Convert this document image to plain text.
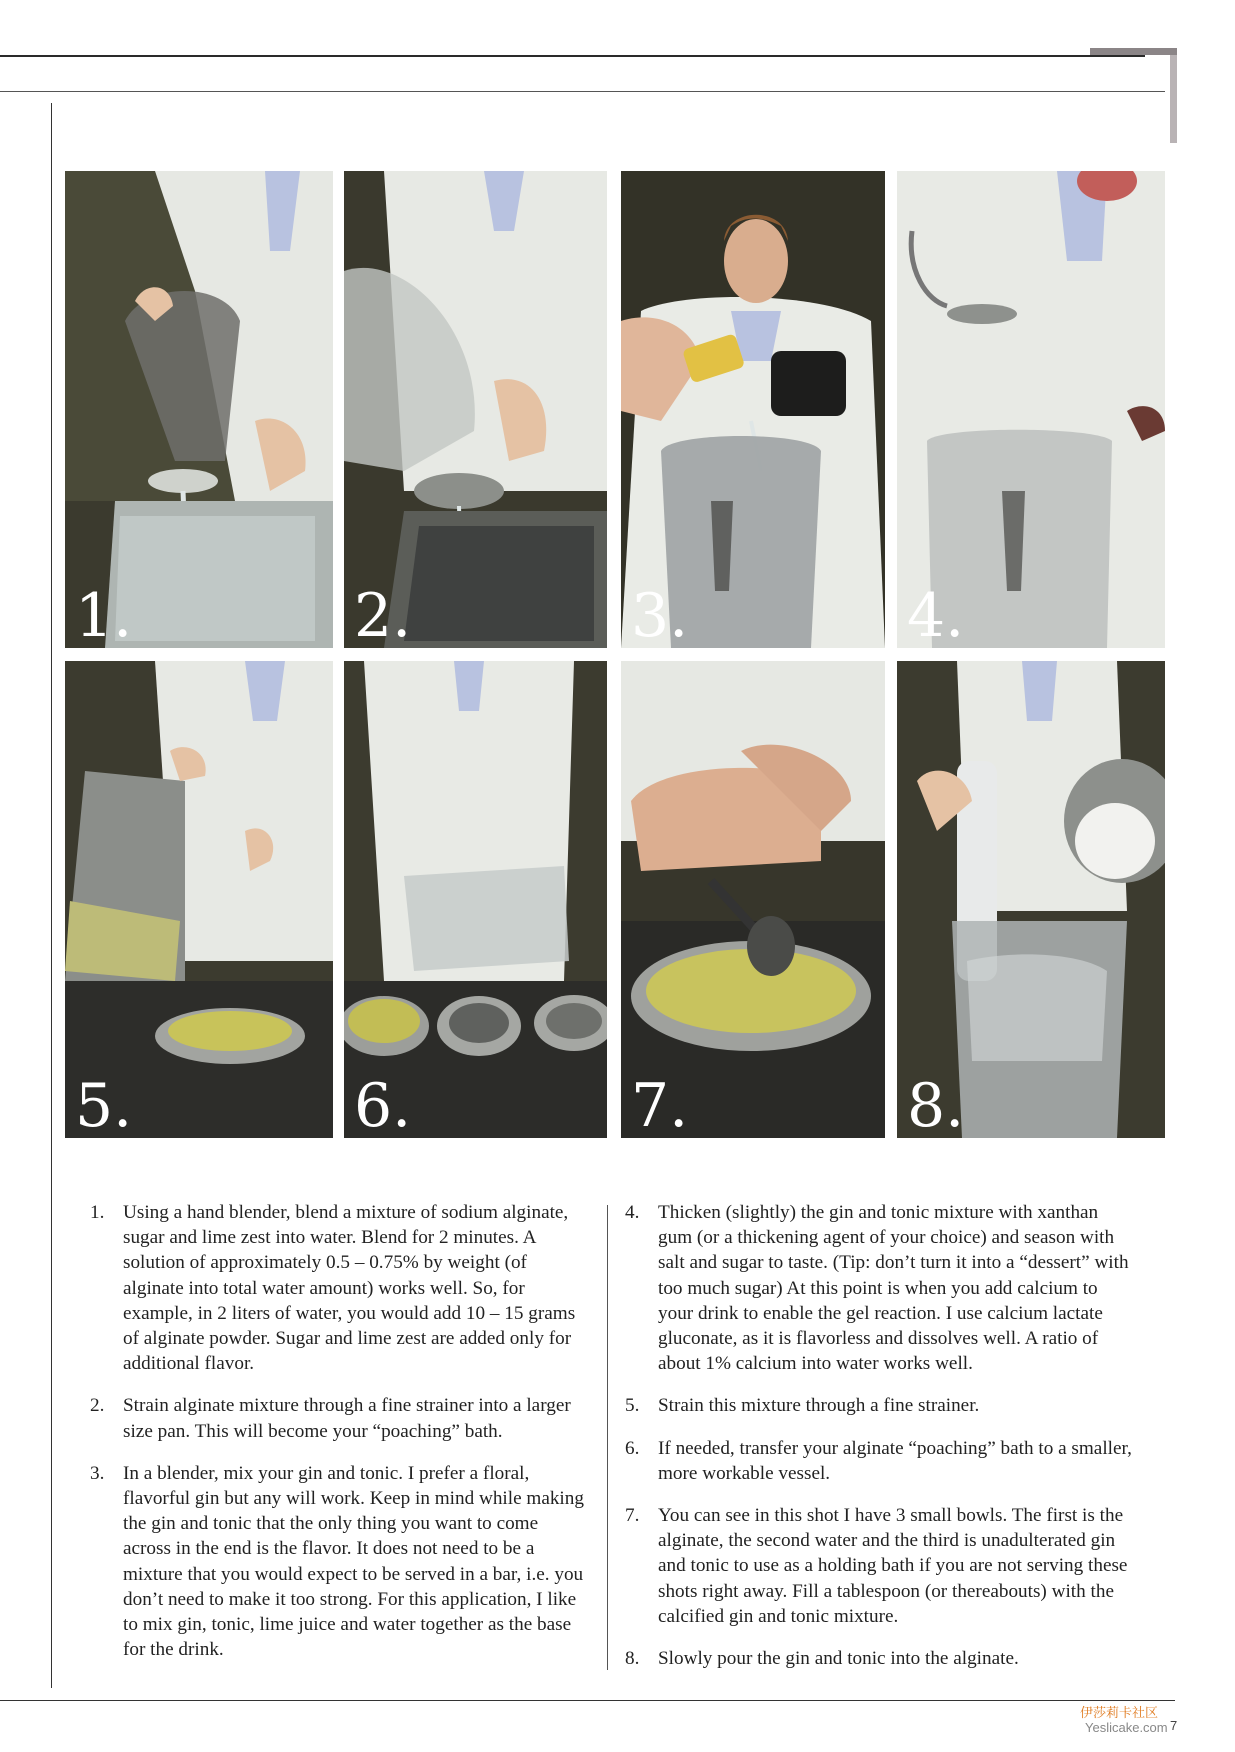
1.	2.	3.	4.
5.	6.	7.	8.
1. Using a hand blender, blend a mixture of sodium alginate, sugar and lime zest into water. Blend for 2 minutes. A solution of approximately 0.5 – 0.75% by weight (of alginate into total water amount) works well. So, for example, in 2 liters of water, you would add 10 – 15 grams of alginate powder. Sugar and lime zest are added only for additional flavor.
2. Strain alginate mixture through a fine strainer into a larger size pan. This will become your “poaching” bath.
3. In a blender, mix your gin and tonic. I prefer a floral, flavorful gin but any will work. Keep in mind while making the gin and tonic that the only thing you want to come across in the end is the flavor. It does not need to be a mixture that you would expect to be served in a bar, i.e. you don’t need to make it too strong. For this application, I like to mix gin, tonic, lime juice and water together as the base for the drink.
4. Thicken (slightly) the gin and tonic mixture with xanthan gum (or a thickening agent of your choice) and season with salt and sugar to taste. (Tip: don’t turn it into a “dessert” with too much sugar) At this point is when you add calcium to your drink to enable the gel reaction. I use calcium lactate gluconate, as it is flavorless and dissolves well. A ratio of about 1% calcium into water works well.
5. Strain this mixture through a fine strainer.
6. If needed, transfer your alginate “poaching” bath to a smaller, more workable vessel.
7. You can see in this shot I have 3 small bowls. The first is the alginate, the second water and the third is unadulterated gin and tonic to use as a holding bath if you are not serving these shots right away. Fill a tablespoon (or thereabouts) with the calcified gin and tonic mixture.
8. Slowly pour the gin and tonic into the alginate.
伊莎莉卡社区
Yeslicake.com 7
